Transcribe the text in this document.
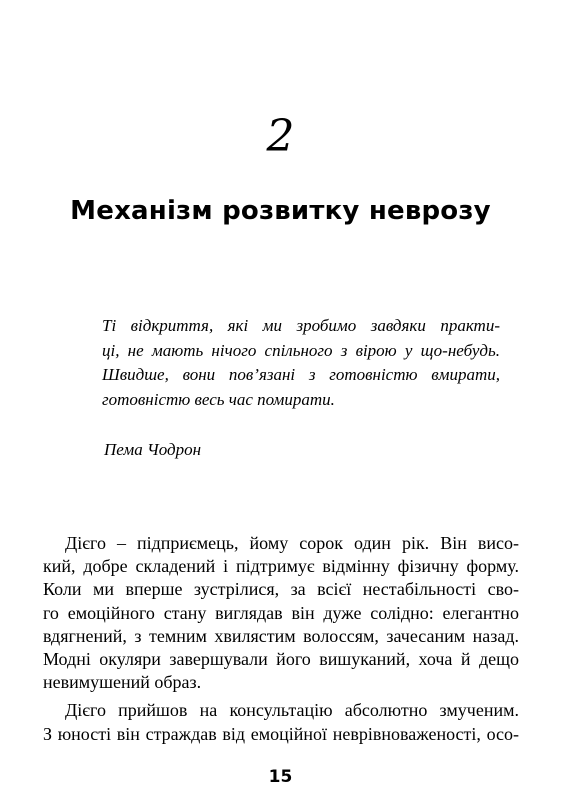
2
Механізм розвитку неврозу
Ті відкриття, які ми зробимо завдяки практи-
ці, не мають нічого спільного з вірою у що-небудь.
Швидше, вони пов’язані з готовністю вмирати,
готовністю весь час помирати.
Пема Чодрон
Дієго – підприємець, йому сорок один рік. Він висо-
кий, добре складений і підтримує відмінну фізичну форму.
Коли ми вперше зустрілися, за всієї нестабільності сво-
го емоційного стану виглядав він дуже солідно: елегантно
вдягнений, з темним хвилястим волоссям, зачесаним назад.
Модні окуляри завершували його вишуканий, хоча й дещо
невимушений образ.
Дієго прийшов на консультацію абсолютно змученим.
З юності він страждав від емоційної неврівноваженості, осо-
15
